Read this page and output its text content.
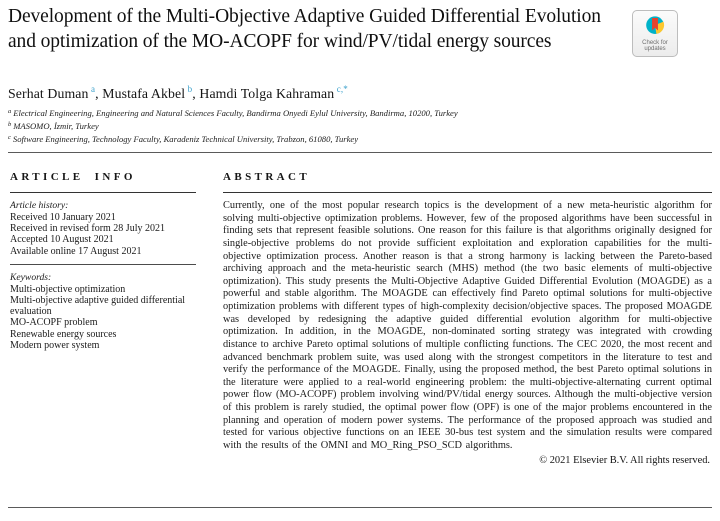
Development of the Multi-Objective Adaptive Guided Differential Evolution and optimization of the MO-ACOPF for wind/PV/tidal energy sources	Check for
updates
Serhat Duman $^a$, Mustafa Akbel $^b$, Hamdi Tolga Kahraman $^{c,*}$
$^a$ Electrical Engineering, Engineering and Natural Sciences Faculty, Bandirma Onyedi Eylul University, Bandirma, 10200, Turkey
$^b$ MASOMO, İzmir, Turkey
$^c$ Software Engineering, Technology Faculty, Karadeniz Technical University, Trabzon, 61080, Turkey
ARTICLE INFO

Article history:

Received 10 January 2021
Received in revised form 28 July 2021
Accepted 10 August 2021
Available online 17 August 2021

Keywords:

Multi-objective optimization
Multi-objective adaptive guided differential evaluation
MO-ACOPF problem
Renewable energy sources
Modern power system
ABSTRACT

Currently, one of the most popular research topics is the development of a new meta-heuristic algorithm for solving multi-objective optimization problems. However, few of the proposed algorithms have been successful in finding sets that represent feasible solutions. One reason for this failure is that algorithms originally designed for single-objective problems do not provide sufficient exploitation and exploration capabilities for the multi-objective optimization process. Another reason is that a strong harmony is lacking between the Pareto-based archiving approach and the meta-heuristic search (MHS) method (the two basic elements of multi-objective optimization). This study presents the Multi-Objective Adaptive Guided Differential Evolution (MOAGDE) as a powerful and stable algorithm. The MOAGDE can effectively find Pareto optimal solutions for multi-objective optimization problems with different types of high-complexity decision/objective spaces. The proposed MOAGDE was developed by redesigning the adaptive guided differential evolution algorithm for multi-objective optimization. In addition, in the MOAGDE, non-dominated sorting strategy was integrated with crowding distance to archive Pareto optimal solutions of multiple conflicting functions. The CEC 2020, the most recent and advanced benchmark problem suite, was used along with the strongest competitors in the literature to test and verify the performance of the MOAGDE. Finally, using the proposed method, the best Pareto optimal solutions in the literature were applied to a real-world engineering problem: the multi-objective-alternating current optimal power flow (MO-ACOPF) problem involving wind/PV/tidal energy sources. Although the multi-objective version of this problem is rarely studied, the optimal power flow (OPF) is one of the major problems encountered in the planning and operation of modern power systems. The performance of the proposed approach was studied and tested for various objective functions on an IEEE 30-bus test system and the simulation results were compared with the results of the OMNI and MO_Ring_PSO_SCD algorithms.

© 2021 Elsevier B.V. All rights reserved.
